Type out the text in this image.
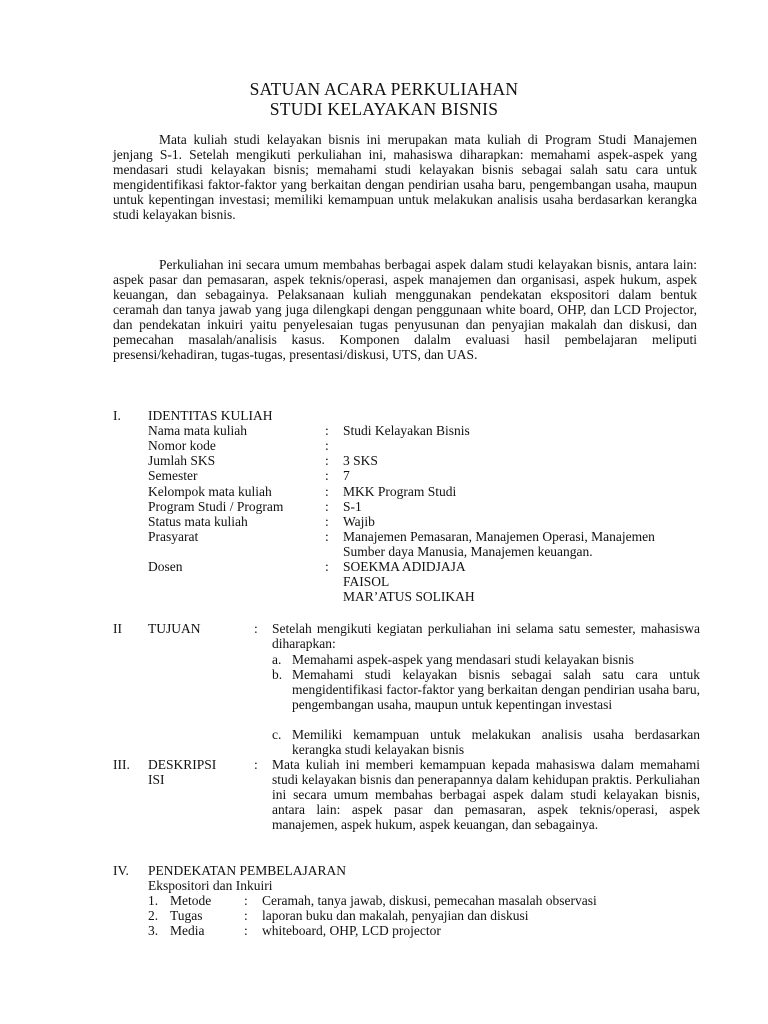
SATUAN ACARA PERKULIAHAN
STUDI KELAYAKAN BISNIS
Mata kuliah studi kelayakan bisnis ini merupakan mata kuliah di Program Studi Manajemen jenjang S-1. Setelah mengikuti perkuliahan ini, mahasiswa diharapkan: memahami aspek-aspek yang mendasari studi kelayakan bisnis; memahami studi kelayakan bisnis sebagai salah satu cara untuk mengidentifikasi faktor-faktor yang berkaitan dengan pendirian usaha baru, pengembangan usaha, maupun untuk kepentingan investasi; memiliki kemampuan untuk melakukan analisis usaha berdasarkan kerangka studi kelayakan bisnis.
Perkuliahan ini secara umum membahas berbagai aspek dalam studi kelayakan bisnis, antara lain: aspek pasar dan pemasaran, aspek teknis/operasi, aspek manajemen dan organisasi, aspek hukum, aspek keuangan, dan sebagainya. Pelaksanaan kuliah menggunakan pendekatan ekspositori dalam bentuk ceramah dan tanya jawab yang juga dilengkapi dengan penggunaan white board, OHP, dan LCD Projector, dan pendekatan inkuiri yaitu penyelesaian tugas penyusunan dan penyajian makalah dan diskusi, dan pemecahan masalah/analisis kasus. Komponen dalalm evaluasi hasil pembelajaran meliputi presensi/kehadiran, tugas-tugas, presentasi/diskusi, UTS, dan UAS.
I. IDENTITAS KULIAH
Nama mata kuliah	: Studi Kelayakan Bisnis
Nomor kode	:
Jumlah SKS	: 3 SKS
Semester	: 7
Kelompok mata kuliah	: MKK Program Studi
Program Studi / Program	: S-1
Status mata kuliah	: Wajib
Prasyarat	: Manajemen Pemasaran, Manajemen Operasi, Manajemen
Sumber daya Manusia, Manajemen keuangan.
Dosen	: SOEKMA ADIDJAJA
FAISOL
MAR’ATUS SOLIKAH
II TUJUAN	: Setelah mengikuti kegiatan perkuliahan ini selama satu semester, mahasiswa diharapkan:
a. Memahami aspek-aspek yang mendasari studi kelayakan bisnis
b. Memahami studi kelayakan bisnis sebagai salah satu cara untuk mengidentifikasi factor-faktor yang berkaitan dengan pendirian usaha baru, pengembangan usaha, maupun untuk kepentingan investasi
c. Memiliki kemampuan untuk melakukan analisis usaha berdasarkan kerangka studi kelayakan bisnis
III. DESKRIPSI
ISI
: Mata kuliah ini memberi kemampuan kepada mahasiswa dalam memahami studi kelayakan bisnis dan penerapannya dalam kehidupan praktis. Perkuliahan ini secara umum membahas berbagai aspek dalam studi kelayakan bisnis, antara lain: aspek pasar dan pemasaran, aspek teknis/operasi, aspek manajemen, aspek hukum, aspek keuangan, dan sebagainya.
IV. PENDEKATAN PEMBELAJARAN
Ekspositori dan Inkuiri
1. Metode : Ceramah, tanya jawab, diskusi, pemecahan masalah observasi
2. Tugas	: laporan buku dan makalah, penyajian dan diskusi
3. Media	: whiteboard, OHP, LCD projector
